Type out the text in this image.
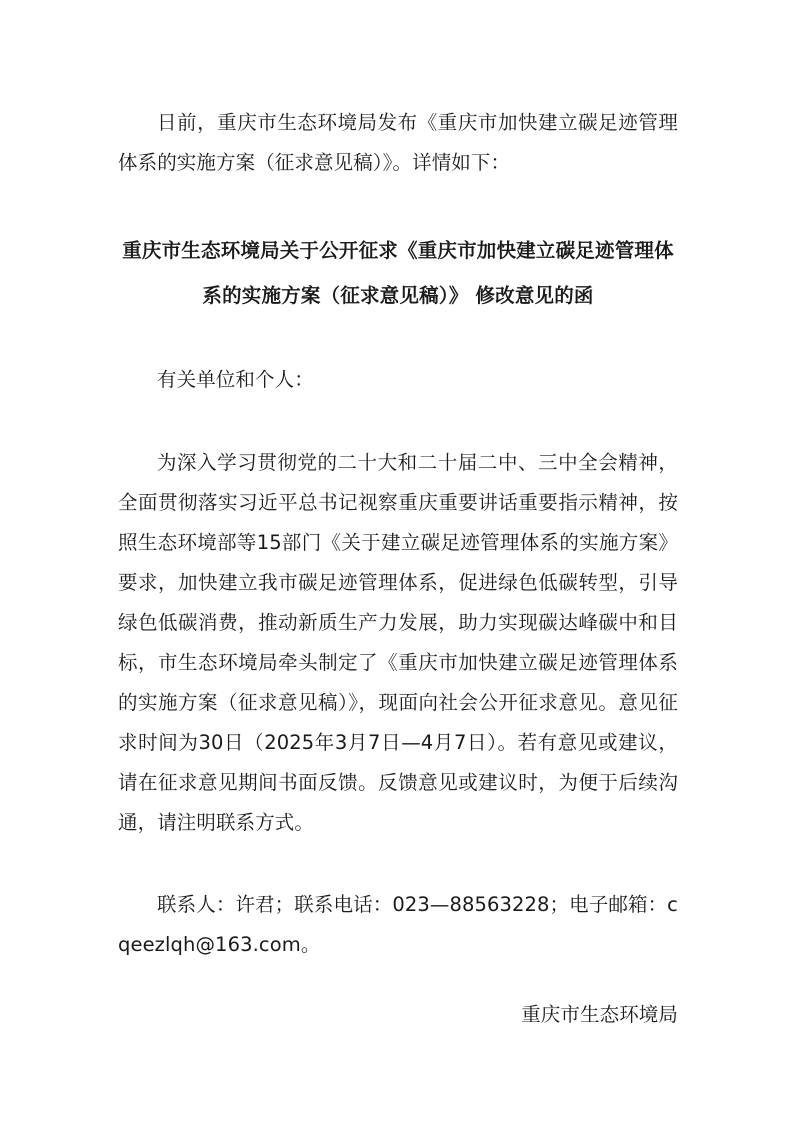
日前，重庆市生态环境局发布《重庆市加快建立碳足迹管理体系的实施方案（征求意见稿）》。详情如下：

重庆市生态环境局关于公开征求《重庆市加快建立碳足迹管理体
系的实施方案（征求意见稿）》 修改意见的函

有关单位和个人：

为深入学习贯彻党的二十大和二十届二中、三中全会精神，全面贯彻落实习近平总书记视察重庆重要讲话重要指示精神，按照生态环境部等15部门《关于建立碳足迹管理体系的实施方案》要求，加快建立我市碳足迹管理体系，促进绿色低碳转型，引导绿色低碳消费，推动新质生产力发展，助力实现碳达峰碳中和目标，市生态环境局牵头制定了《重庆市加快建立碳足迹管理体系的实施方案（征求意见稿）》，现面向社会公开征求意见。意见征求时间为30日（2025年3月7日—4月7日）。若有意见或建议，请在征求意见期间书面反馈。反馈意见或建议时，为便于后续沟通，请注明联系方式。

联系人：许君；联系电话：023—88563228；电子邮箱：cqeezlqh@163.com。

重庆市生态环境局
